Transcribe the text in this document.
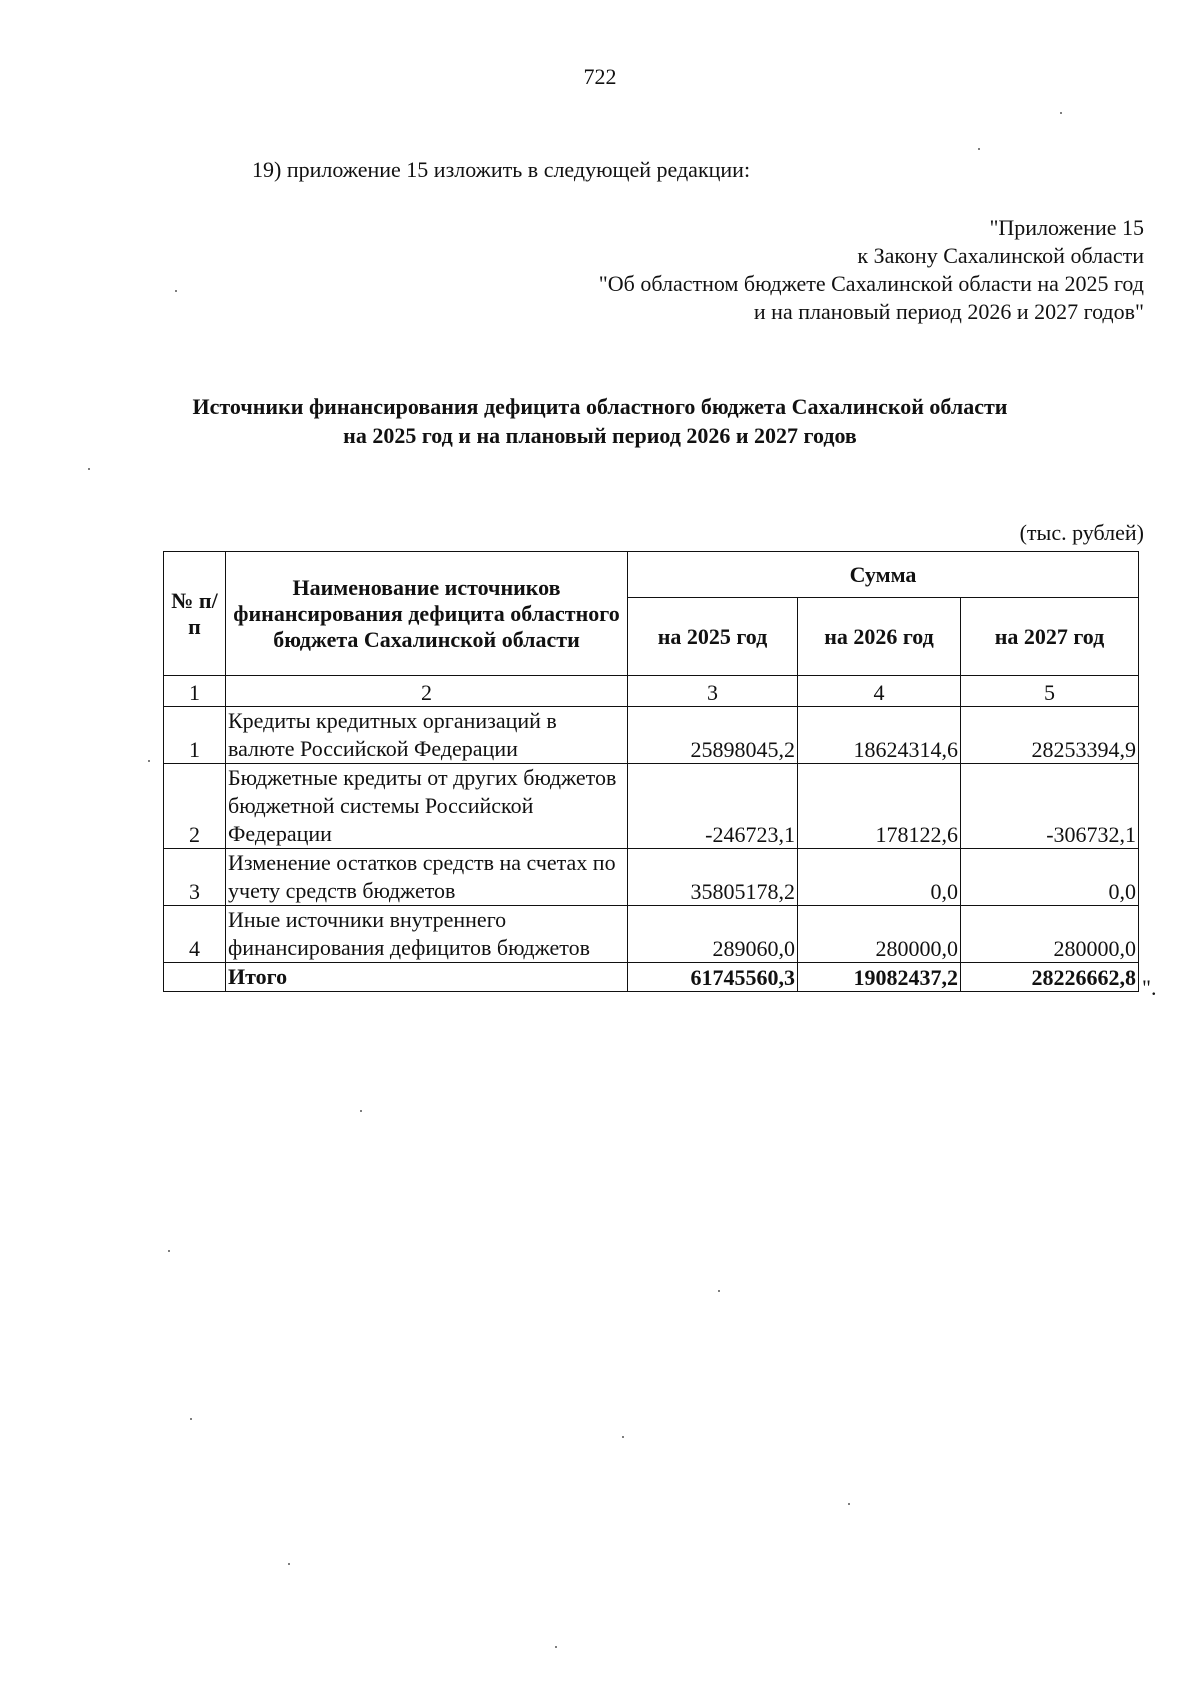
722
19) приложение 15 изложить в следующей редакции:
"Приложение 15
к Закону Сахалинской области
"Об областном бюджете Сахалинской области на 2025 год
и на плановый период 2026 и 2027 годов"
Источники финансирования дефицита областного бюджета Сахалинской области
на 2025 год и на плановый период 2026 и 2027 годов
(тыс. рублей)
№ п/п	Наименование источников финансирования дефицита областного бюджета Сахалинской области	Сумма		
		на 2025 год	на 2026 год	на 2027 год
1	2	3	4	5
1	Кредиты кредитных организаций в валюте Российской Федерации	25898045,2	18624314,6	28253394,9
2	Бюджетные кредиты от других бюджетов бюджетной системы Российской Федерации	-246723,1	178122,6	-306732,1
3	Изменение остатков средств на счетах по учету средств бюджетов	35805178,2	0,0	0,0
4	Иные источники внутреннего финансирования дефицитов бюджетов	289060,0	280000,0	280000,0
	Итого	61745560,3	19082437,2	28226662,8 ".
